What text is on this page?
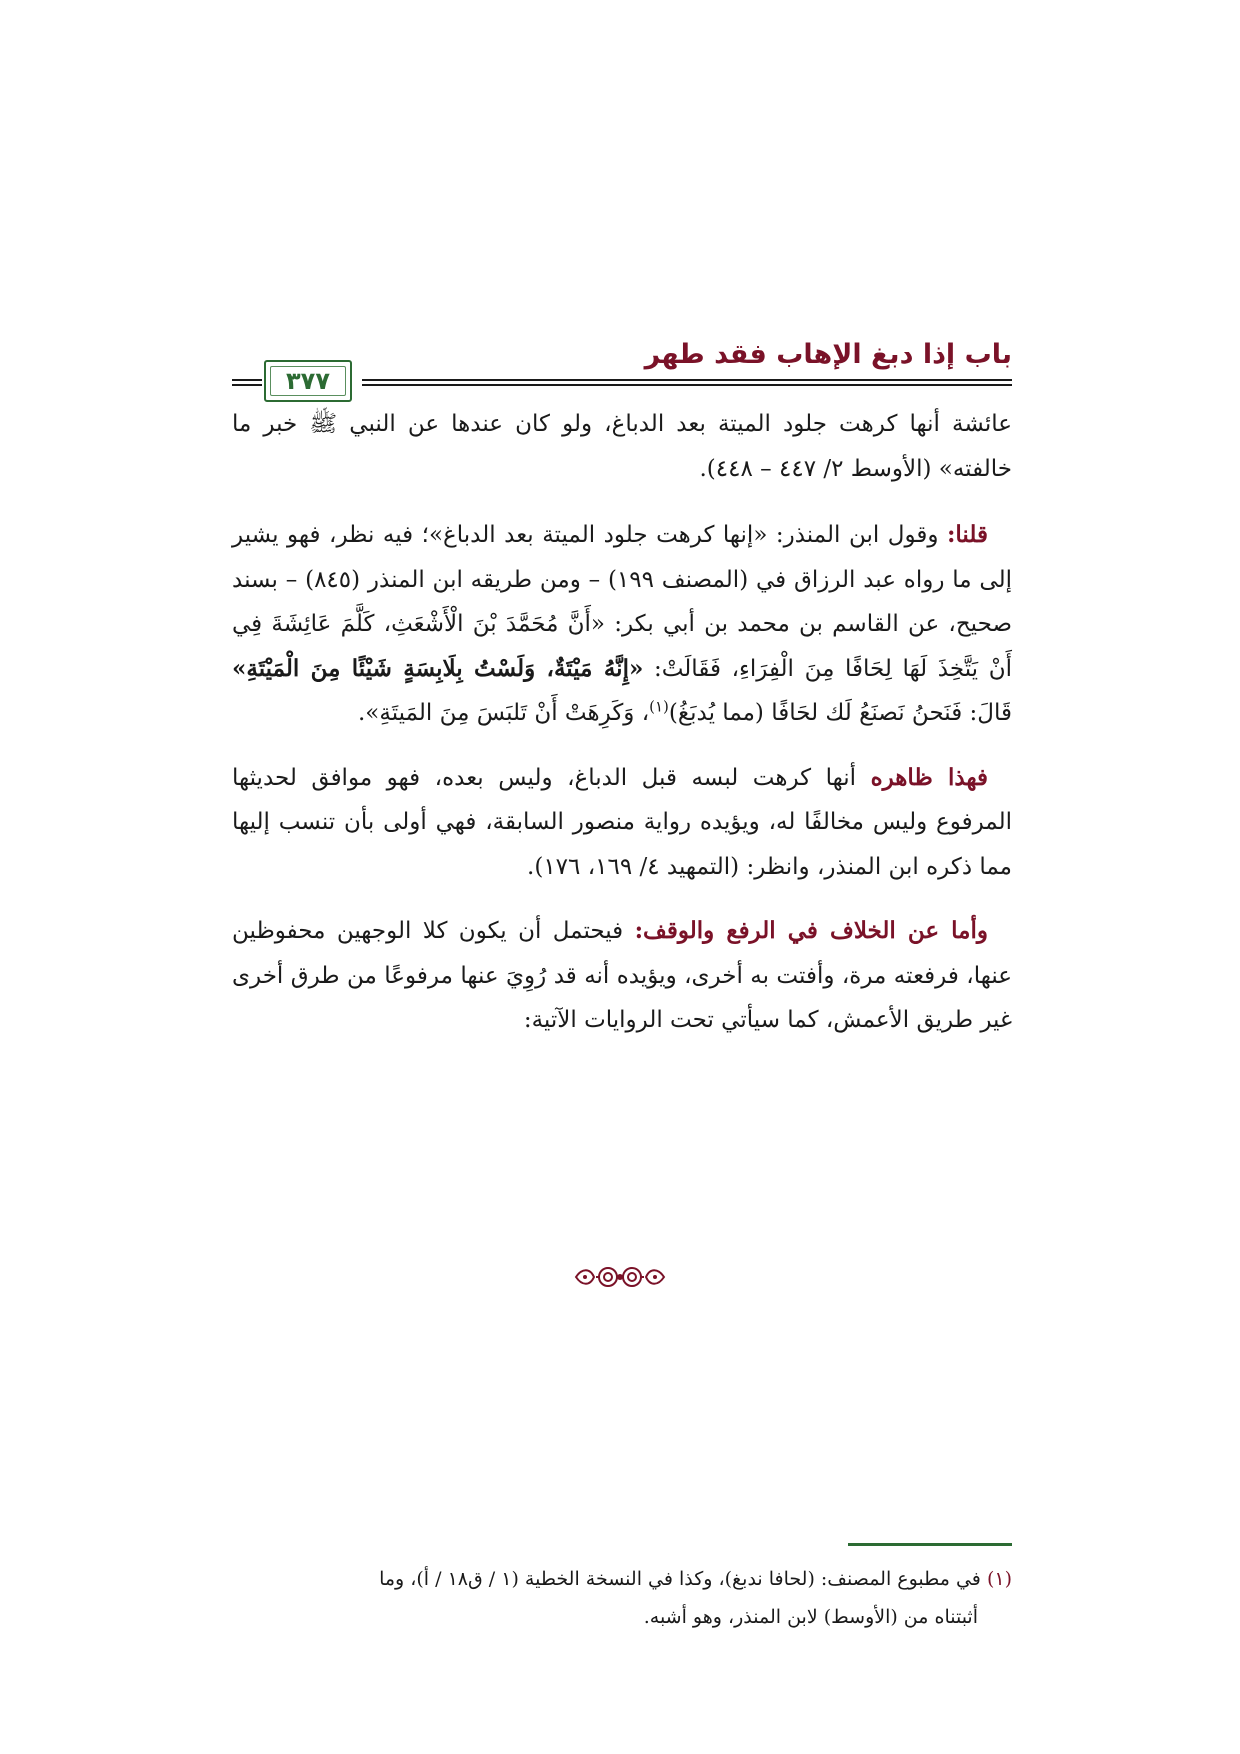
باب إذا دبغ الإهاب فقد طهر
٣٧٧

عائشة أنها كرهت جلود الميتة بعد الدباغ، ولو كان عندها عن النبي ﷺ خبر ما خالفته» (الأوسط ٢/ ٤٤٧ – ٤٤٨).

قلنا: وقول ابن المنذر: «إنها كرهت جلود الميتة بعد الدباغ»؛ فيه نظر، فهو يشير إلى ما رواه عبد الرزاق في (المصنف ١٩٩) – ومن طريقه ابن المنذر (٨٤٥) – بسند صحيح، عن القاسم بن محمد بن أبي بكر: «أَنَّ مُحَمَّدَ بْنَ الْأَشْعَثِ، كَلَّمَ عَائِشَةَ فِي أَنْ يَتَّخِذَ لَهَا لِحَافًا مِنَ الْفِرَاءِ، فَقَالَتْ: «إِنَّهُ مَيْتَةٌ، وَلَسْتُ بِلَابِسَةٍ شَيْئًا مِنَ الْمَيْتَةِ» قَالَ: فَنَحنُ نَصنَعُ لَك لحَافًا (مما يُدبَغُ)$^{(١)}$، وَكَرِهَتْ أَنْ تَلبَسَ مِنَ المَيتَةِ».

فهذا ظاهره أنها كرهت لبسه قبل الدباغ، وليس بعده، فهو موافق لحديثها المرفوع وليس مخالفًا له، ويؤيده رواية منصور السابقة، فهي أولى بأن تنسب إليها مما ذكره ابن المنذر، وانظر: (التمهيد ٤/ ١٦٩، ١٧٦).

وأما عن الخلاف في الرفع والوقف: فيحتمل أن يكون كلا الوجهين محفوظين عنها، فرفعته مرة، وأفتت به أخرى، ويؤيده أنه قد رُوِيَ عنها مرفوعًا من طرق أخرى غير طريق الأعمش، كما سيأتي تحت الروايات الآتية:

(١) في مطبوع المصنف: (لحافا ندبغ)، وكذا في النسخة الخطية (١ / ق١٨ / أ)، وما
أثبتناه من (الأوسط) لابن المنذر، وهو أشبه.
